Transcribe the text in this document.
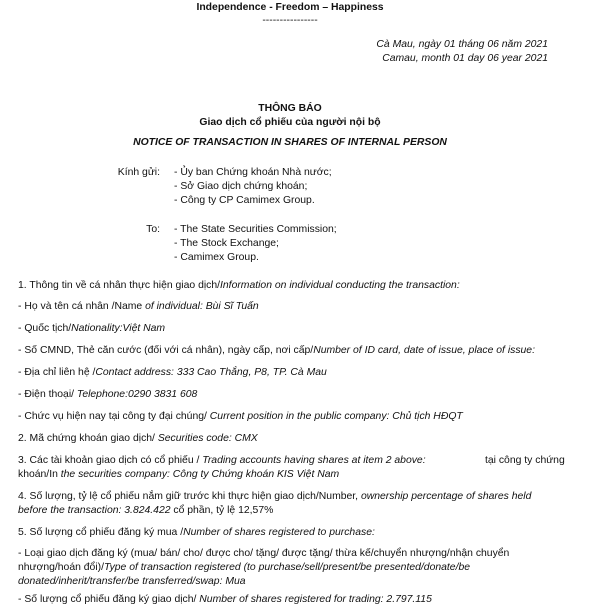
Independence - Freedom – Happiness
----------------
Cà Mau, ngày 01 tháng 06 năm 2021
Camau, month 01 day 06 year 2021
THÔNG BÁO
Giao dịch cổ phiếu của người nội bộ
NOTICE OF TRANSACTION IN SHARES OF INTERNAL PERSON
Kính gửi: - Ủy ban Chứng khoán Nhà nước;
- Sở Giao dịch chứng khoán;
- Công ty CP Camimex Group.
To: - The State Securities Commission;
- The Stock Exchange;
- Camimex Group.
1. Thông tin về cá nhân thực hiện giao dịch/Information on individual conducting the transaction:
- Họ và tên cá nhân /Name of individual: Bùi Sĩ Tuấn
- Quốc tịch/Nationality:Việt Nam
- Số CMND, Thẻ căn cước (đối với cá nhân), ngày cấp, nơi cấp/Number of ID card, date of issue, place of issue:
- Địa chỉ liên hệ /Contact address: 333 Cao Thắng, P8, TP. Cà Mau
- Điện thoại/ Telephone:0290 3831 608
- Chức vụ hiện nay tại công ty đại chúng/ Current position in the public company: Chủ tịch HĐQT
2. Mã chứng khoán giao dịch/ Securities code: CMX
3. Các tài khoản giao dịch có cổ phiếu / Trading accounts having shares at item 2 above:	tại công ty chứng
khoán/In the securities company: Công ty Chứng khoán KIS Việt Nam
4. Số lượng, tỷ lệ cổ phiếu nắm giữ trước khi thực hiện giao dịch/Number, ownership percentage of shares held
before the transaction: 3.824.422 cổ phần, tỷ lệ 12,57%
5. Số lượng cổ phiếu đăng ký mua /Number of shares registered to purchase:
- Loại giao dịch đăng ký (mua/ bán/ cho/ được cho/ tặng/ được tặng/ thừa kế/chuyển nhượng/nhận chuyển
nhượng/hoán đổi)/Type of transaction registered (to purchase/sell/present/be presented/donate/be
donated/inherit/transfer/be transferred/swap: Mua
- Số lượng cổ phiếu đăng ký giao dịch/ Number of shares registered for trading: 2.797.115
